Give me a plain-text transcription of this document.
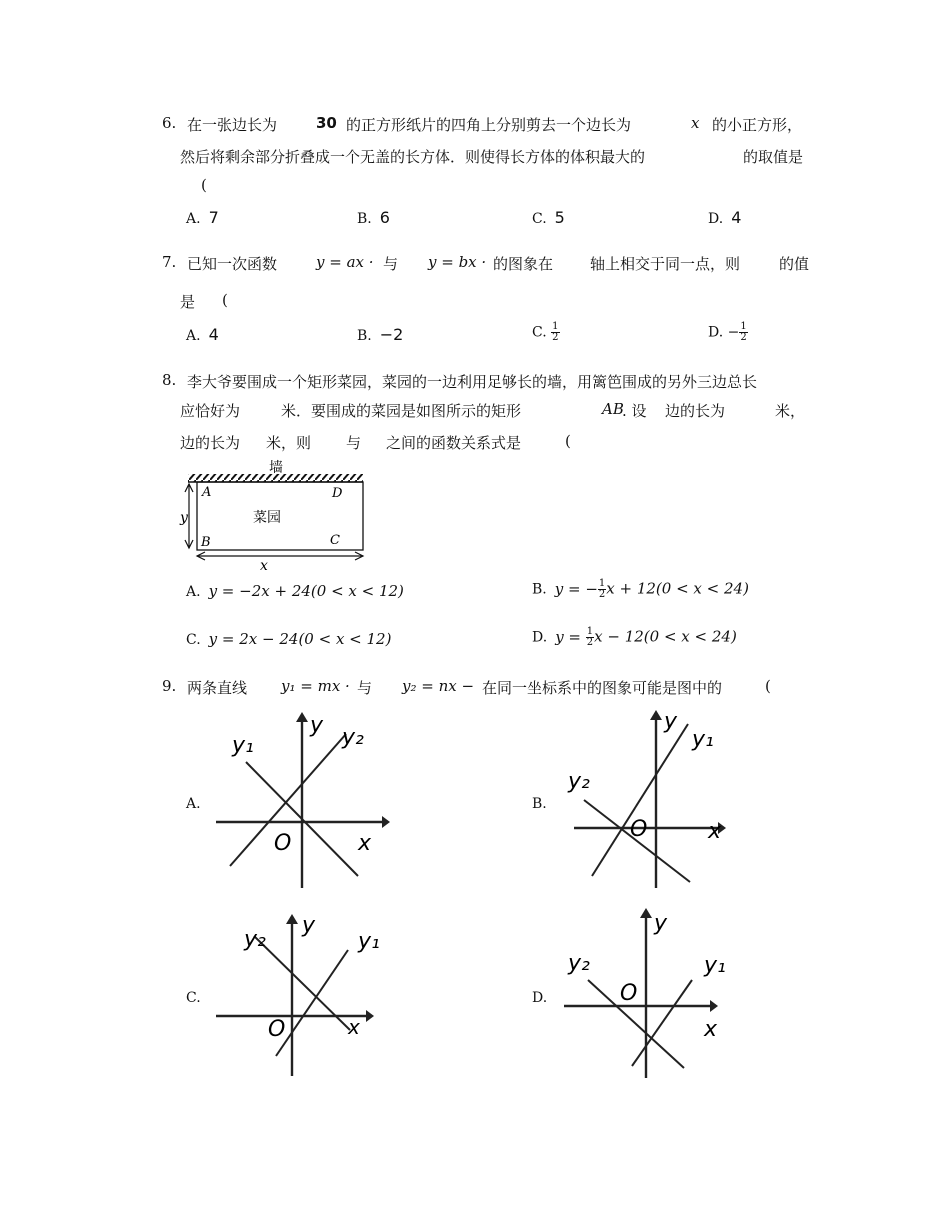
6. 在一张边长为	30 的正方形纸片的四角上分别剪去一个边长为	x 的小正方形，
然后将剩余部分折叠成一个无盖的长方体．则使得长方体的体积最大的	的取值是
(
A. 7	B. 6	C. 5	D. 4
7. 已知一次函数	y = ax · 与 y = bx · 的图象在 轴上相交于同一点，则	的值
是 (
A. 4	B. −2	C. $\frac{1}{2}$	D. − $\frac{1}{2}$
8. 李大爷要围成一个矩形菜园，菜园的一边利用足够长的墙，用篱笆围成的另外三边总长
应恰好为	米．要围成的菜园是如图所示的矩形	AB
. 设 边的长为	米，
边的长为 米，则 与 之间的函数关系式是	(
墙
菜园
A
B	C
D
y
x
A. y = −2x + 24(0 < x < 12)	B. y = − $\frac{1}{2}$ x + 12(0 < x < 24)
C. y = 2x − 24(0 < x < 12)	D. $y = \frac{1}{2}$ x − 12(0 < x < 24)
9. 两条直线 y₁ = mx · 与 y₂ = nx − 在同一坐标系中的图象可能是图中的	(
A.
y₁	y₂
O	x
y
B.
y₁
y₂
O	x
y
C.
y₂	y₁
O	x
y
D.
y₂	y₁
O
x
y
